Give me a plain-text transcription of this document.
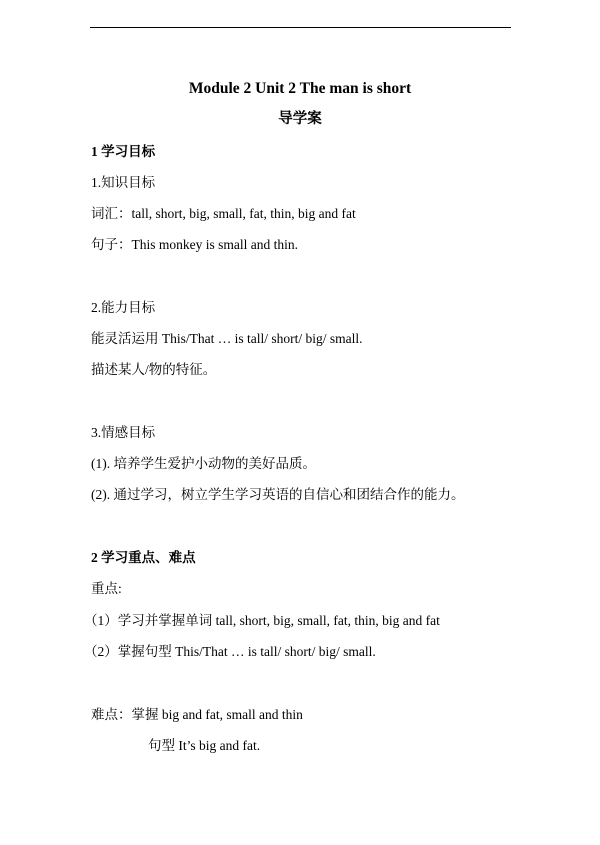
Module 2 Unit 2 The man is short
导学案
1 学习目标
1.知识目标
词汇：tall, short, big, small, fat, thin, big and fat
句子：This monkey is small and thin.
2.能力目标
能灵活运用 This/That … is tall/ short/ big/ small.
描述某人/物的特征。
3.情感目标
(1). 培养学生爱护小动物的美好品质。
(2). 通过学习，树立学生学习英语的自信心和团结合作的能力。
2 学习重点、难点
重点:
（1）学习并掌握单词 tall, short, big, small, fat, thin, big and fat
（2）掌握句型 This/That … is tall/ short/ big/ small.
难点：掌握 big and fat, small and thin
句型 It’s big and fat.
